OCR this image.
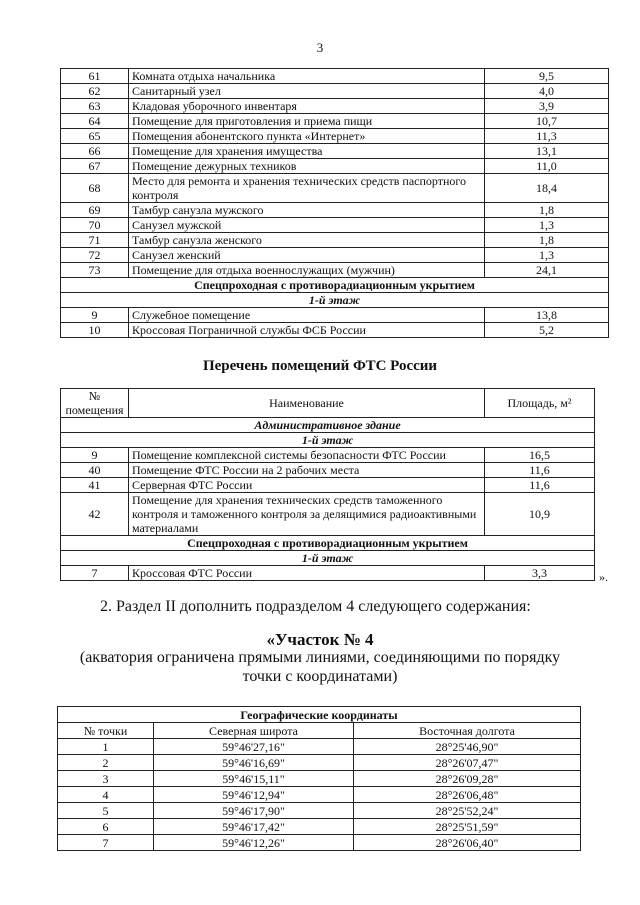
3
61	Комната отдыха начальника	9,5
62	Санитарный узел	4,0
63	Кладовая уборочного инвентаря	3,9
64	Помещение для приготовления и приема пищи	10,7
65	Помещения абонентского пункта «Интернет»	11,3
66	Помещение для хранения имущества	13,1
67	Помещение дежурных техников	11,0
68	Место для ремонта и хранения технических средств паспортного контроля	18,4
69	Тамбур санузла мужского	1,8
70	Санузел мужской	1,3
71	Тамбур санузла женского	1,8
72	Санузел женский	1,3
73	Помещение для отдыха военнослужащих (мужчин)	24,1
Спецпроходная с противорадиационным укрытием		
1-й этаж		
9	Служебное помещение	13,8
10	Кроссовая Пограничной службы ФСБ России	5,2
Перечень помещений ФТС России
№ помещения	Наименование	Площадь, м²
Административное здание		
1-й этаж		
9	Помещение комплексной системы безопасности ФТС России	16,5
40	Помещение ФТС России на 2 рабочих места	11,6
41	Серверная ФТС России	11,6
42	Помещение для хранения технических средств таможенного контроля и таможенного контроля за делящимися радиоактивными материалами	10,9
Спецпроходная с противорадиационным укрытием		
1-й этаж		
7	Кроссовая ФТС России	3,3	».
2. Раздел II дополнить подразделом 4 следующего содержания:
«Участок № 4
(акватория ограничена прямыми линиями, соединяющими по порядку точки с координатами)
Географические координаты		
№ точки	Северная широта	Восточная долгота
1	59°46'27,16"	28°25'46,90"
2	59°46'16,69"	28°26'07,47"
3	59°46'15,11"	28°26'09,28"
4	59°46'12,94"	28°26'06,48"
5	59°46'17,90"	28°25'52,24"
6	59°46'17,42"	28°25'51,59"
7	59°46'12,26"	28°26'06,40"
